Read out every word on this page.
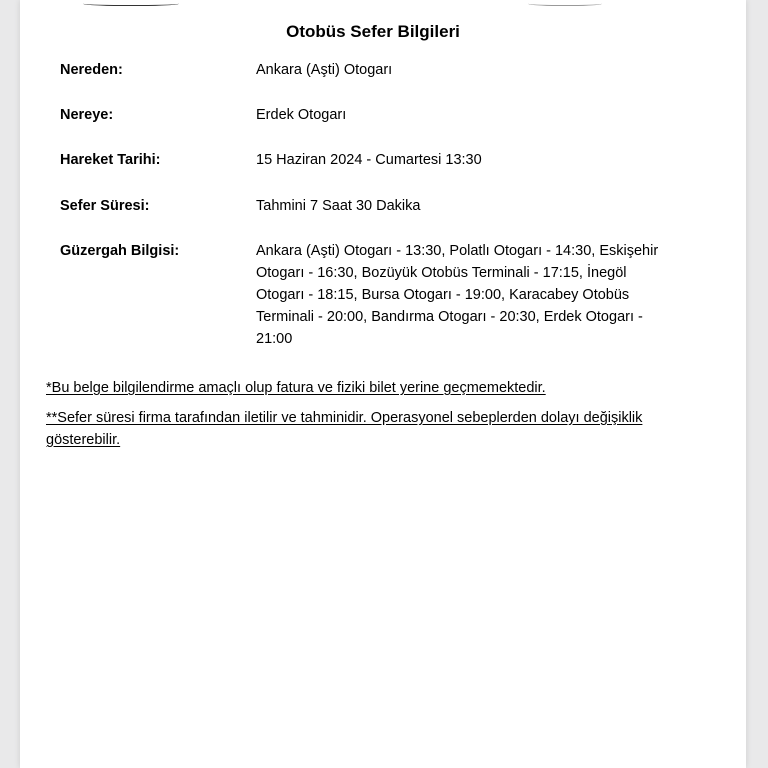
Otobüs Sefer Bilgileri
Nereden:	Ankara (Aşti) Otogarı
Nereye:	Erdek Otogarı
Hareket Tarihi:	15 Haziran 2024 - Cumartesi 13:30
Sefer Süresi:	Tahmini 7 Saat 30 Dakika
Güzergah Bilgisi:	Ankara (Aşti) Otogarı - 13:30, Polatlı Otogarı - 14:30, Eskişehir Otogarı - 16:30, Bozüyük Otobüs Terminali - 17:15, İnegöl Otogarı - 18:15, Bursa Otogarı - 19:00, Karacabey Otobüs Terminali - 20:00, Bandırma Otogarı - 20:30, Erdek Otogarı - 21:00
*Bu belge bilgilendirme amaçlı olup fatura ve fiziki bilet yerine geçmemektedir.
**Sefer süresi firma tarafından iletilir ve tahminidir. Operasyonel sebeplerden dolayı değişiklik gösterebilir.
